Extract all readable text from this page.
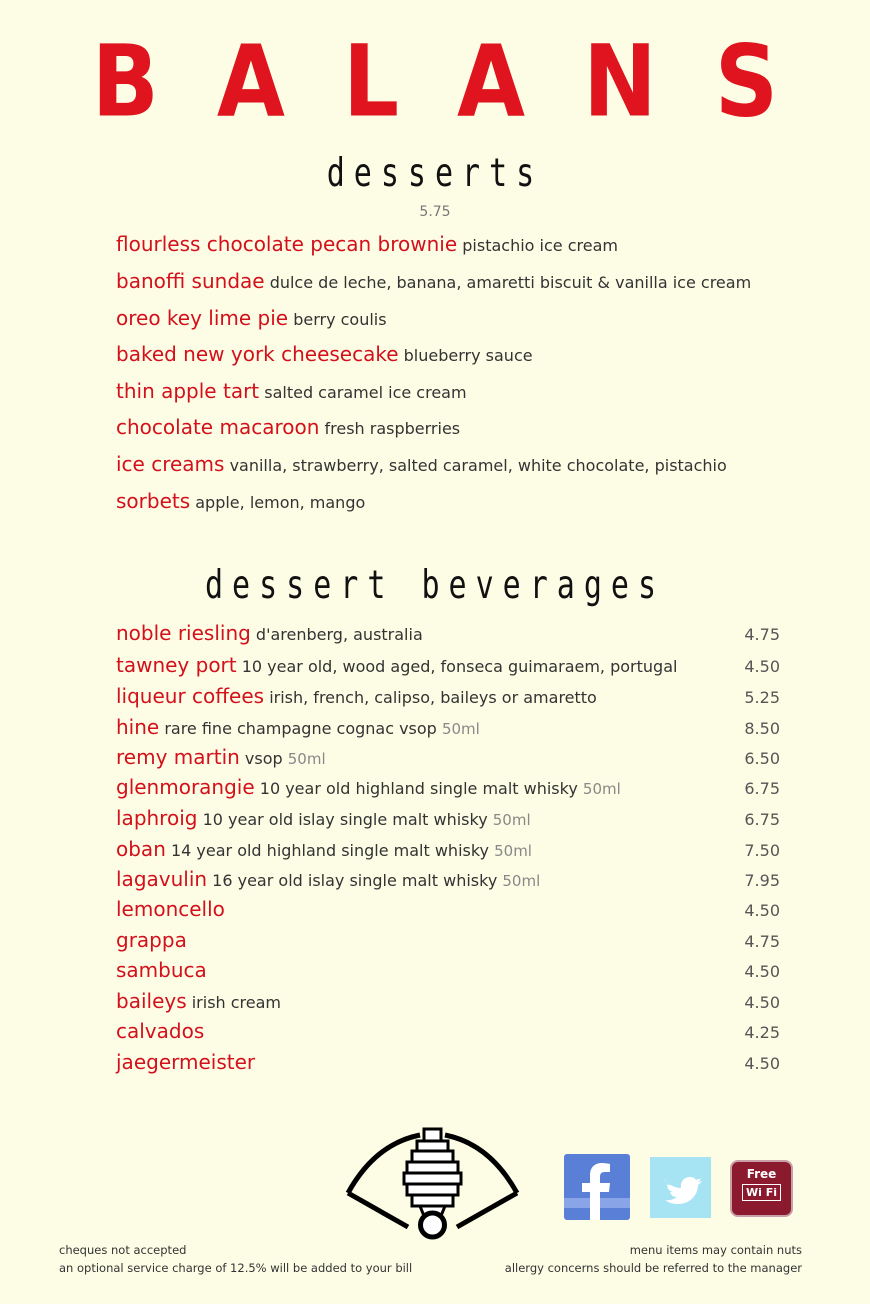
BALANS
desserts
5.75
flourless chocolate pecan brownie pistachio ice cream
banoffi sundae dulce de leche, banana, amaretti biscuit & vanilla ice cream
oreo key lime pie berry coulis
baked new york cheesecake blueberry sauce
thin apple tart salted caramel ice cream
chocolate macaroon fresh raspberries
ice creams vanilla, strawberry, salted caramel, white chocolate, pistachio
sorbets apple, lemon, mango
dessert beverages
noble riesling d'arenberg, australia	4.75
tawney port 10 year old, wood aged, fonseca guimaraem, portugal	4.50
liqueur coffees irish, french, calipso, baileys or amaretto	5.25
hine rare fine champagne cognac vsop 50ml	8.50
remy martin vsop 50ml	6.50
glenmorangie 10 year old highland single malt whisky 50ml	6.75
laphroig 10 year old islay single malt whisky 50ml	6.75
oban 14 year old highland single malt whisky 50ml	7.50
lagavulin 16 year old islay single malt whisky 50ml	7.95
lemoncello	4.50
grappa	4.75
sambuca	4.50
baileys irish cream	4.50
calvados	4.25
jaegermeister	4.50
Free
Wi Fi
cheques not accepted
an optional service charge of 12.5% will be added to your bill
menu items may contain nuts
allergy concerns should be referred to the manager
